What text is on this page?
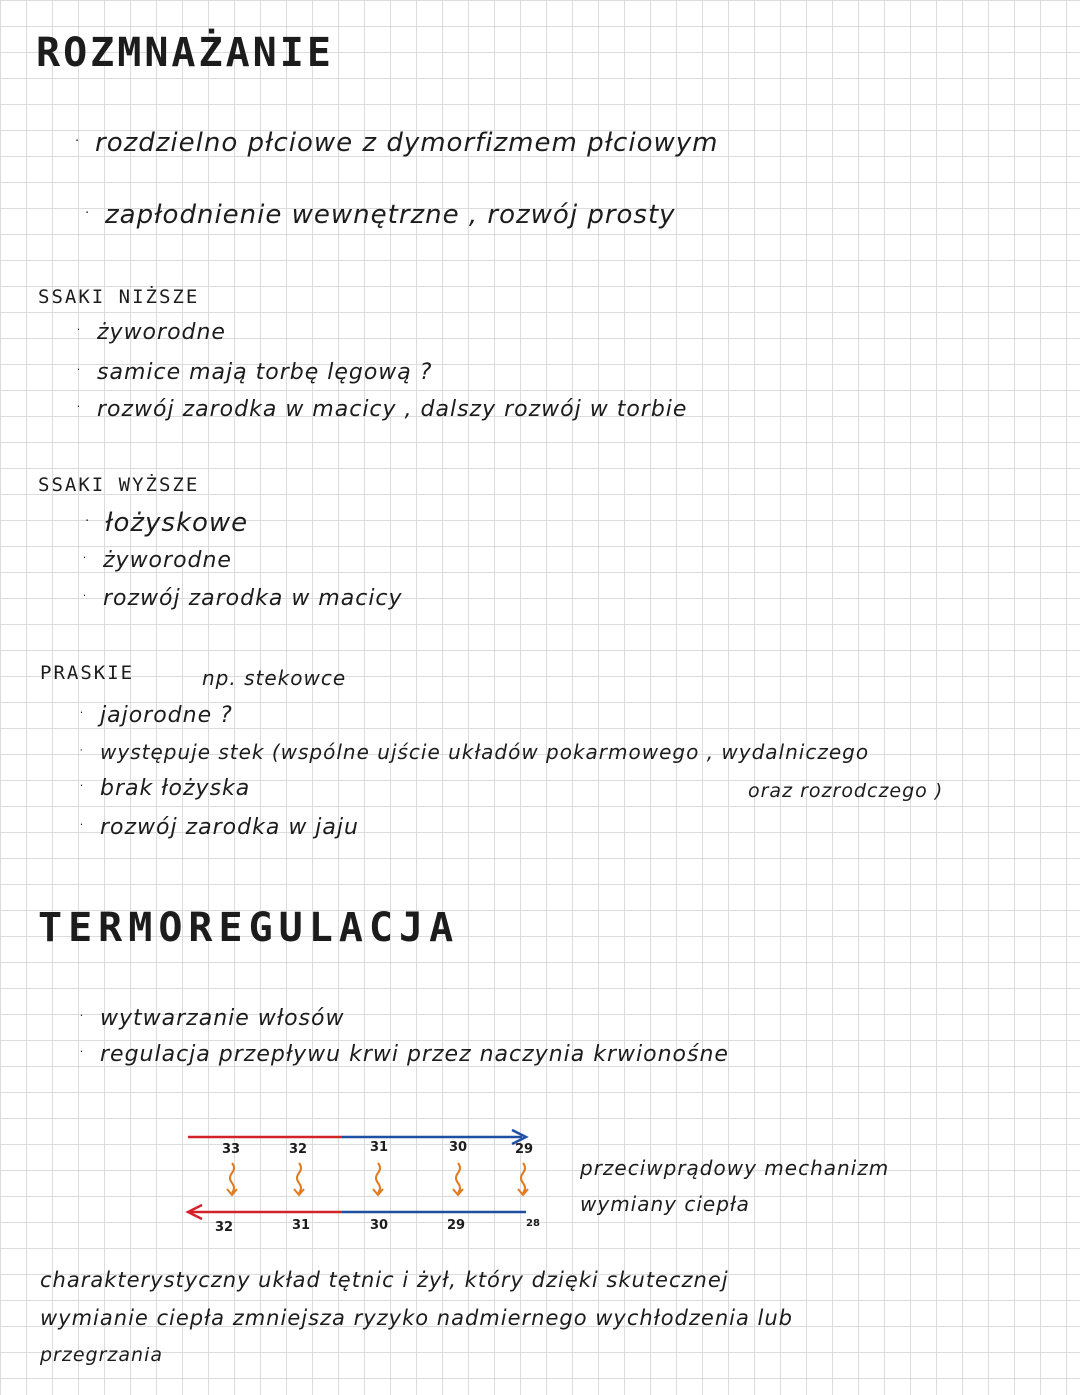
ROZMNAŻANIE
· rozdzielno płciowe z dymorfizmem płciowym
· zapłodnienie wewnętrzne , rozwój prosty
SSAKI NIŻSZE
· żyworodne
· samice mają torbę lęgową ?
· rozwój zarodka w macicy , dalszy rozwój w torbie
SSAKI WYŻSZE
· łożyskowe
· żyworodne
· rozwój zarodka w macicy
PRASKIE	np. stekowce
· jajorodne ?
· występuje stek (wspólne ujście układów pokarmowego , wydalniczego
· brak łożyska	oraz rozrodczego )
· rozwój zarodka w jaju
TERMOREGULACJA
· wytwarzanie włosów
· regulacja przepływu krwi przez naczynia krwionośne
33	32	31	30	29
32	31	30	29	28
przeciwprądowy mechanizm
wymiany ciepła
charakterystyczny układ tętnic i żył, który dzięki skutecznej
wymianie ciepła zmniejsza ryzyko nadmiernego wychłodzenia lub
przegrzania
